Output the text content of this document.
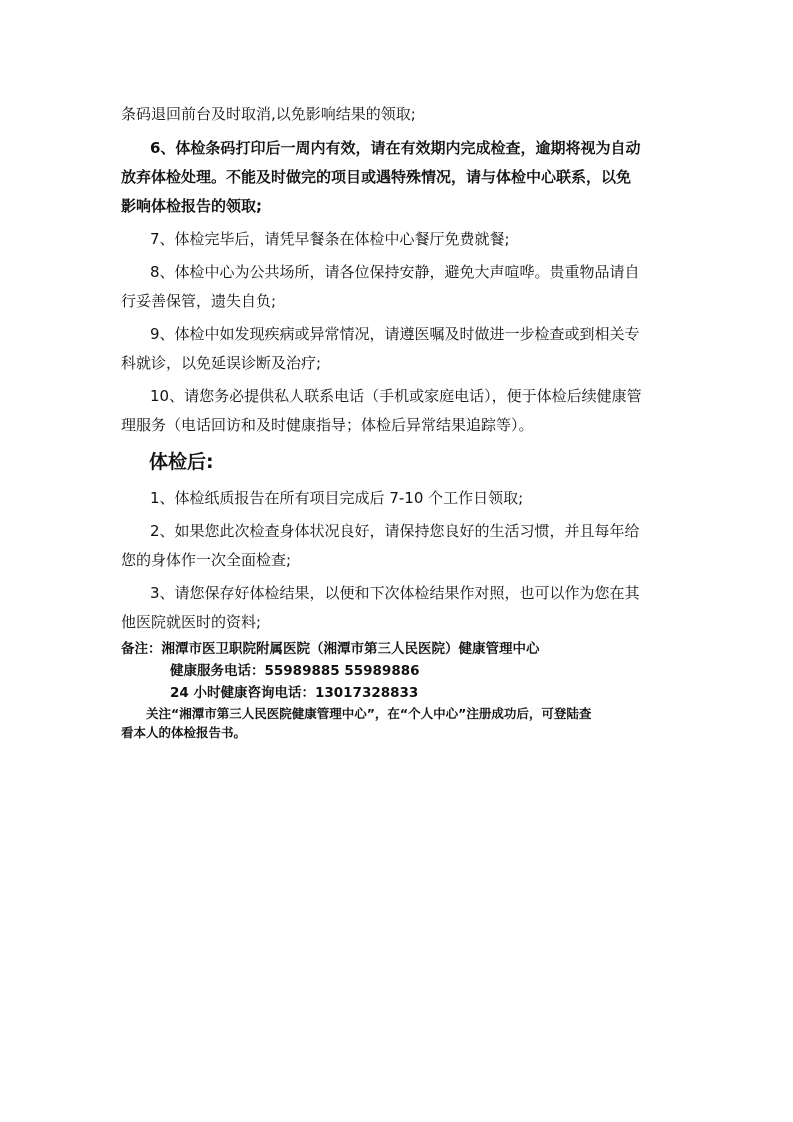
条码退回前台及时取消,以免影响结果的领取;
6、体检条码打印后一周内有效，请在有效期内完成检查，逾期将视为自动
放弃体检处理。不能及时做完的项目或遇特殊情况，请与体检中心联系，以免
影响体检报告的领取;
7、体检完毕后，请凭早餐条在体检中心餐厅免费就餐;
8、体检中心为公共场所，请各位保持安静，避免大声喧哗。贵重物品请自
行妥善保管，遗失自负;
9、体检中如发现疾病或异常情况，请遵医嘱及时做进一步检查或到相关专
科就诊，以免延误诊断及治疗;
10、请您务必提供私人联系电话（手机或家庭电话），便于体检后续健康管
理服务（电话回访和及时健康指导；体检后异常结果追踪等）。
体检后:
1、体检纸质报告在所有项目完成后 7-10 个工作日领取;
2、如果您此次检查身体状况良好，请保持您良好的生活习惯，并且每年给
您的身体作一次全面检查;
3、请您保存好体检结果，以便和下次体检结果作对照，也可以作为您在其
他医院就医时的资料;
备注：湘潭市医卫职院附属医院（湘潭市第三人民医院）健康管理中心
健康服务电话：55989885 55989886
24 小时健康咨询电话：13017328833
关注“湘潭市第三人民医院健康管理中心”，在“个人中心”注册成功后，可登陆查
看本人的体检报告书。
